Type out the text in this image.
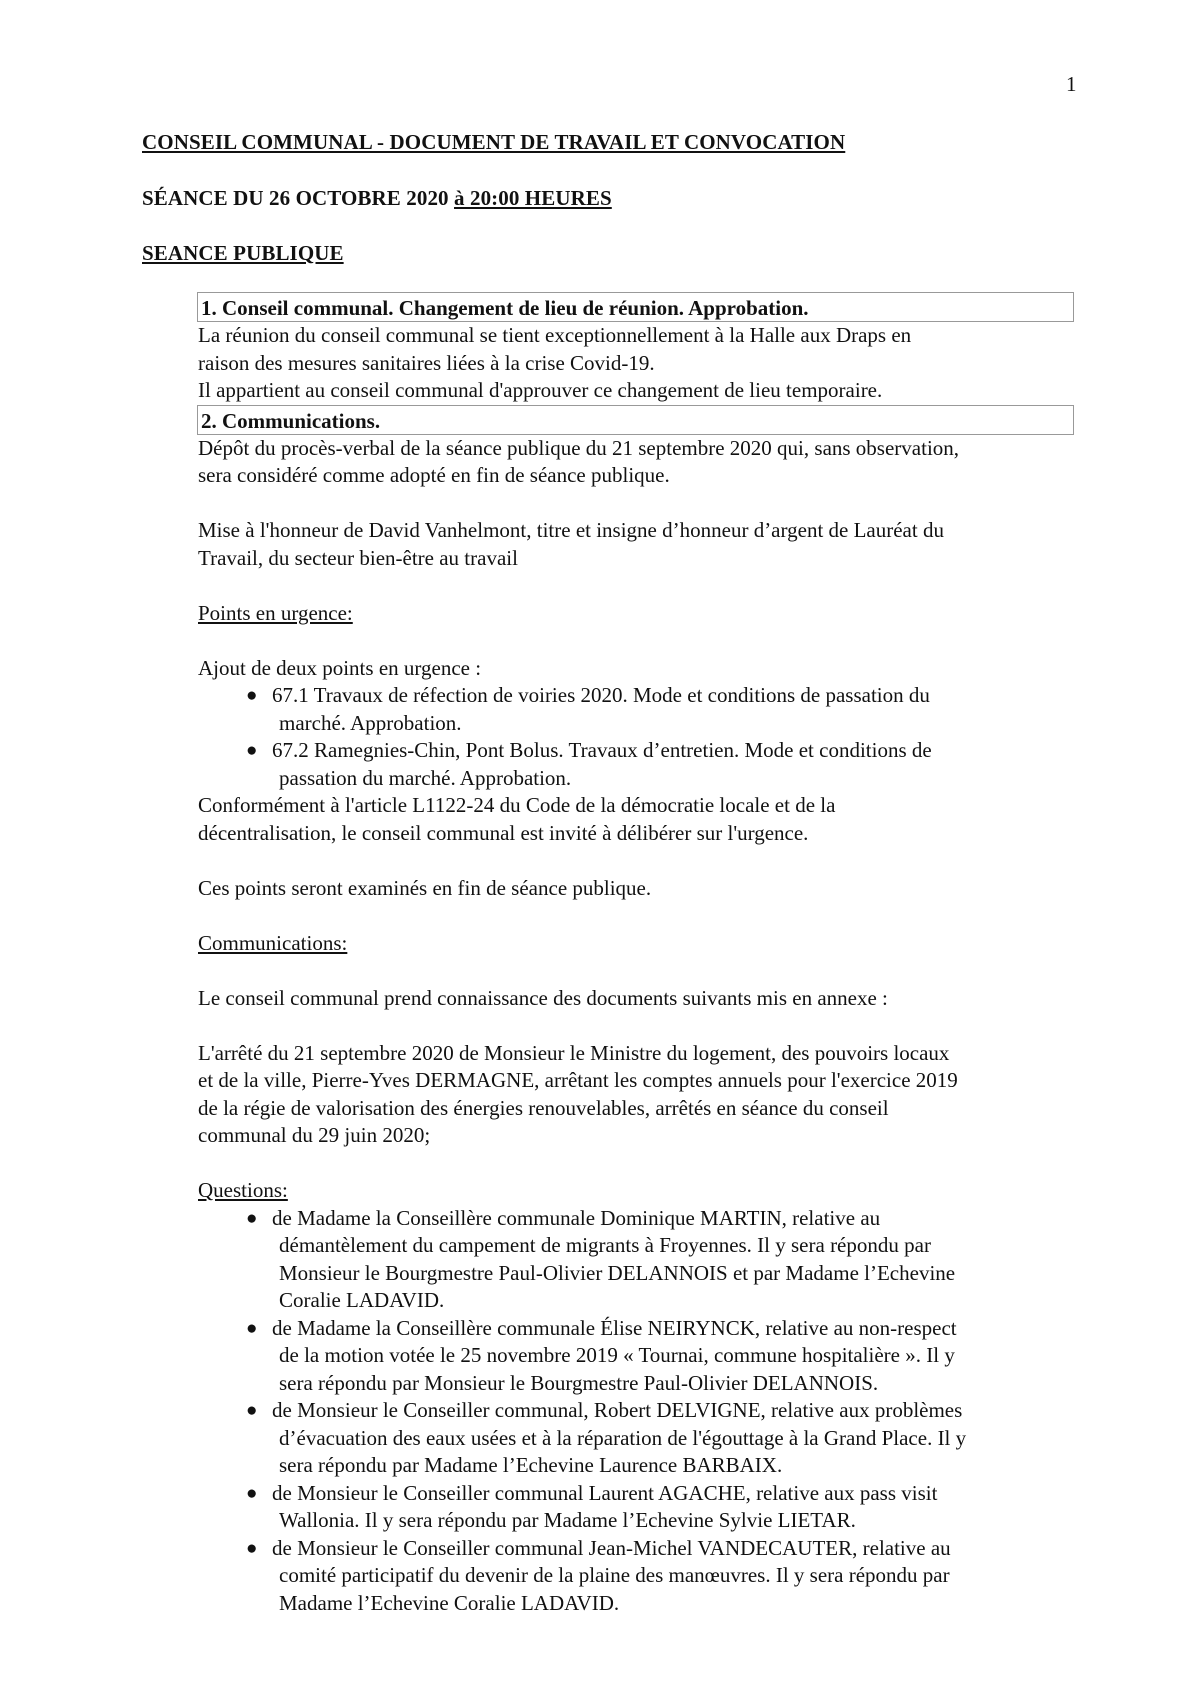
1
CONSEIL COMMUNAL - DOCUMENT DE TRAVAIL ET CONVOCATION
SÉANCE DU 26 OCTOBRE 2020 à 20:00 HEURES
SEANCE PUBLIQUE
1. Conseil communal. Changement de lieu de réunion. Approbation.

La réunion du conseil communal se tient exceptionnellement à la Halle aux Draps en

raison des mesures sanitaires liées à la crise Covid-19.

Il appartient au conseil communal d'approuver ce changement de lieu temporaire.

2. Communications.

Dépôt du procès-verbal de la séance publique du 21 septembre 2020 qui, sans observation,

sera considéré comme adopté en fin de séance publique.

Mise à l'honneur de David Vanhelmont, titre et insigne d’honneur d’argent de Lauréat du

Travail, du secteur bien-être au travail

Points en urgence:

Ajout de deux points en urgence :

● 67.1 Travaux de réfection de voiries 2020. Mode et conditions de passation du
marché. Approbation.
● 67.2 Ramegnies-Chin, Pont Bolus. Travaux d’entretien. Mode et conditions de
passation du marché. Approbation.

Conformément à l'article L1122-24 du Code de la démocratie locale et de la

décentralisation, le conseil communal est invité à délibérer sur l'urgence.

Ces points seront examinés en fin de séance publique.

Communications:

Le conseil communal prend connaissance des documents suivants mis en annexe :

L'arrêté du 21 septembre 2020 de Monsieur le Ministre du logement, des pouvoirs locaux

et de la ville, Pierre-Yves DERMAGNE, arrêtant les comptes annuels pour l'exercice 2019

de la régie de valorisation des énergies renouvelables, arrêtés en séance du conseil

communal du 29 juin 2020;

Questions:

● de Madame la Conseillère communale Dominique MARTIN, relative au
démantèlement du campement de migrants à Froyennes. Il y sera répondu par
Monsieur le Bourgmestre Paul-Olivier DELANNOIS et par Madame l’Echevine
Coralie LADAVID.
● de Madame la Conseillère communale Élise NEIRYNCK, relative au non-respect
de la motion votée le 25 novembre 2019 « Tournai, commune hospitalière ». Il y
sera répondu par Monsieur le Bourgmestre Paul-Olivier DELANNOIS.
● de Monsieur le Conseiller communal, Robert DELVIGNE, relative aux problèmes
d’évacuation des eaux usées et à la réparation de l'égouttage à la Grand Place. Il y
sera répondu par Madame l’Echevine Laurence BARBAIX.
● de Monsieur le Conseiller communal Laurent AGACHE, relative aux pass visit
Wallonia. Il y sera répondu par Madame l’Echevine Sylvie LIETAR.
● de Monsieur le Conseiller communal Jean-Michel VANDECAUTER, relative au
comité participatif du devenir de la plaine des manœuvres. Il y sera répondu par
Madame l’Echevine Coralie LADAVID.
